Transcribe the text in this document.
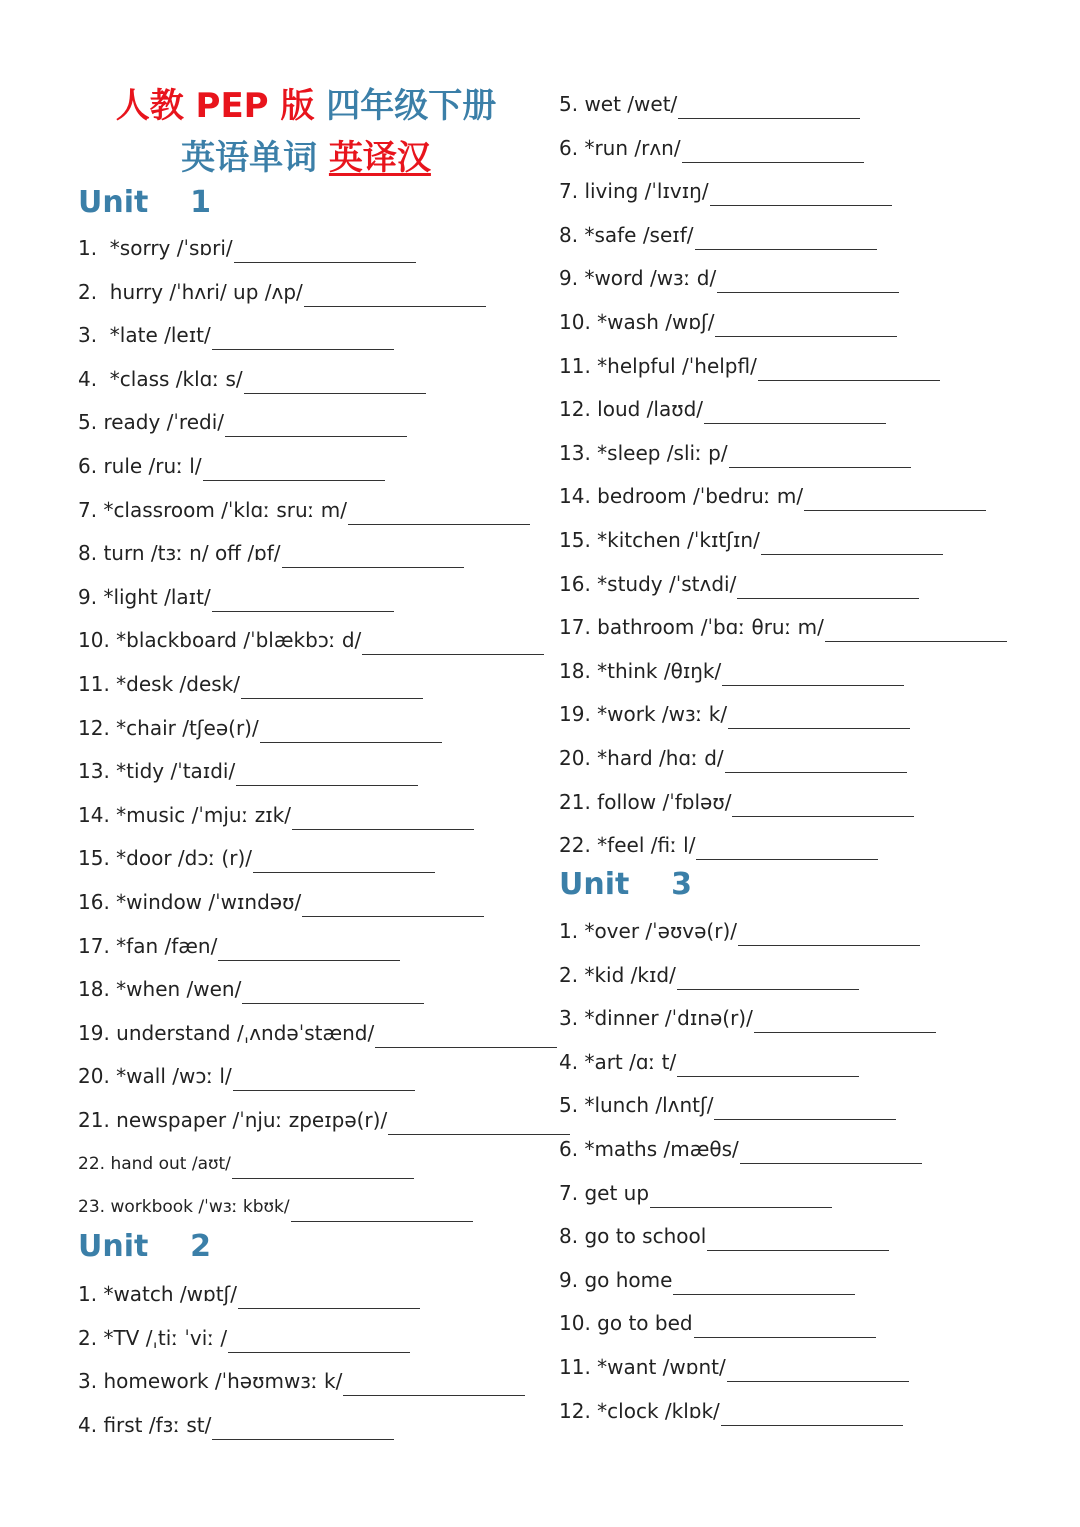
人教 PEP 版 四年级下册
英语单词 英译汉
Unit    1
1.  *sorry /ˈsɒri/
2.  hurry /ˈhʌri/ up /ʌp/
3.  *late /leɪt/
4.  *class /klɑː s/
5. ready /ˈredi/
6. rule /ruː l/
7. *classroom /ˈklɑː sruː m/
8. turn /tɜː n/ off /ɒf/
9. *light /laɪt/
10. *blackboard /ˈblækbɔː d/
11. *desk /desk/
12. *chair /tʃeə(r)/
13. *tidy /ˈtaɪdi/
14. *music /ˈmjuː zɪk/
15. *door /dɔː (r)/
16. *window /ˈwɪndəʊ/
17. *fan /fæn/
18. *when /wen/
19. understand /ˌʌndəˈstænd/
20. *wall /wɔː l/
21. newspaper /ˈnjuː zpeɪpə(r)/
22. hand out /aʊt/
23. workbook /ˈwɜː kbʊk/
Unit    2
1. *watch /wɒtʃ/
2. *TV /ˌtiː ˈviː /
3. homework /ˈhəʊmwɜː k/
4. first /fɜː st/
5. wet /wet/
6. *run /rʌn/
7. living /ˈlɪvɪŋ/
8. *safe /seɪf/
9. *word /wɜː d/
10. *wash /wɒʃ/
11. *helpful /ˈhelpfl/
12. loud /laʊd/
13. *sleep /sliː p/
14. bedroom /ˈbedruː m/
15. *kitchen /ˈkɪtʃɪn/
16. *study /ˈstʌdi/
17. bathroom /ˈbɑː θruː m/
18. *think /θɪŋk/
19. *work /wɜː k/
20. *hard /hɑː d/
21. follow /ˈfɒləʊ/
22. *feel /fiː l/
Unit    3
1. *over /ˈəʊvə(r)/
2. *kid /kɪd/
3. *dinner /ˈdɪnə(r)/
4. *art /ɑː t/
5. *lunch /lʌntʃ/
6. *maths /mæθs/
7. get up
8. go to school
9. go home
10. go to bed
11. *want /wɒnt/
12. *clock /klɒk/
